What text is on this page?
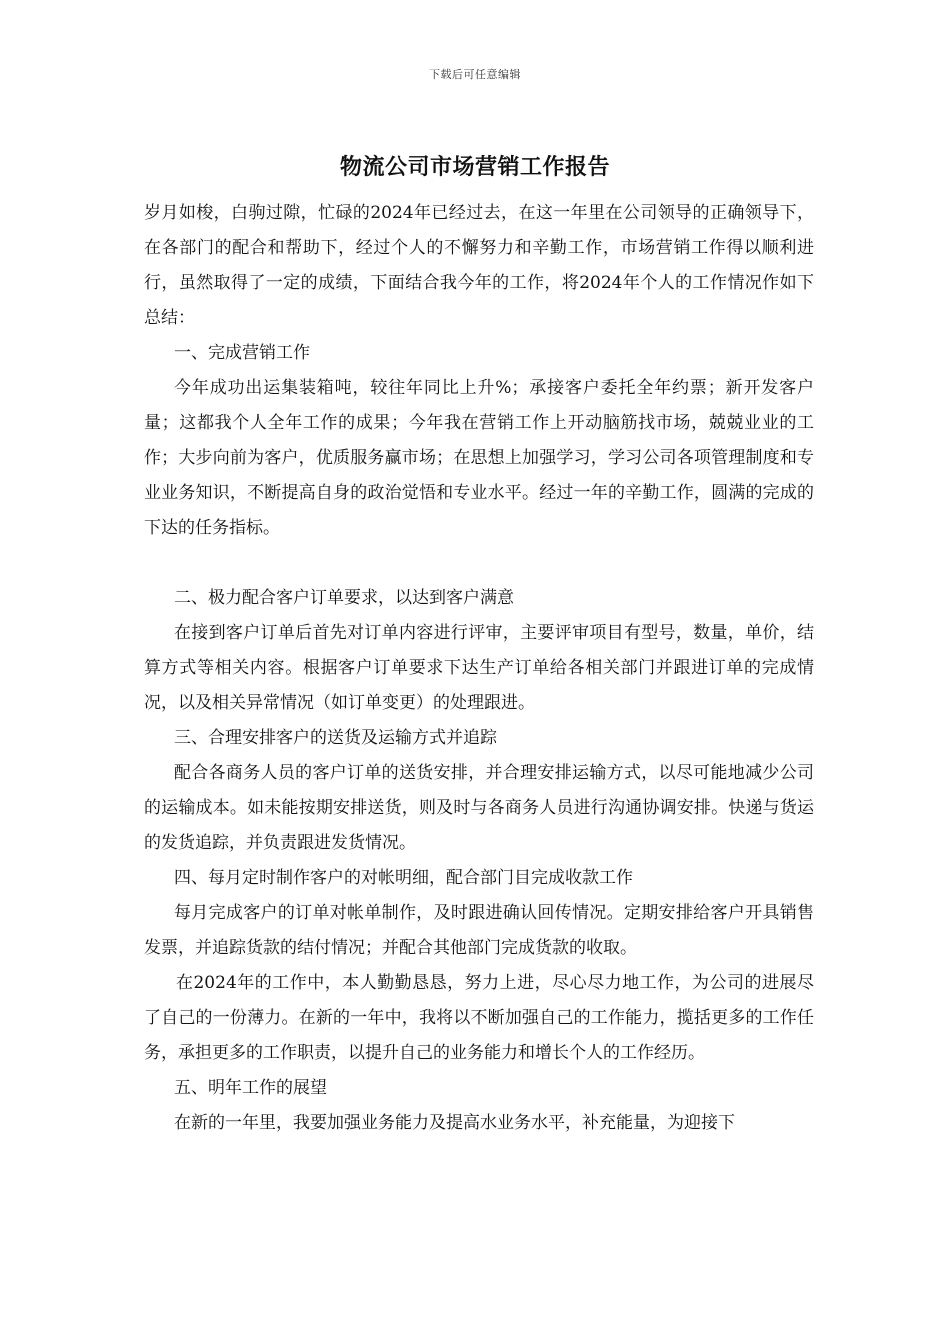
下载后可任意编辑
物流公司市场营销工作报告

岁月如梭，白驹过隙，忙碌的2024年已经过去，在这一年里在公司领导的正确领导下，在各部门的配合和帮助下，经过个人的不懈努力和辛勤工作，市场营销工作得以顺利进行，虽然取得了一定的成绩，下面结合我今年的工作，将2024年个人的工作情况作如下总结：

一、完成营销工作

今年成功出运集装箱吨，较往年同比上升%；承接客户委托全年约票；新开发客户量；这都我个人全年工作的成果；今年我在营销工作上开动脑筋找市场，兢兢业业的工作；大步向前为客户，优质服务赢市场；在思想上加强学习，学习公司各项管理制度和专业业务知识，不断提高自身的政治觉悟和专业水平。经过一年的辛勤工作，圆满的完成的下达的任务指标。

二、极力配合客户订单要求，以达到客户满意

在接到客户订单后首先对订单内容进行评审，主要评审项目有型号，数量，单价，结算方式等相关内容。根据客户订单要求下达生产订单给各相关部门并跟进订单的完成情况，以及相关异常情况（如订单变更）的处理跟进。

三、合理安排客户的送货及运输方式并追踪

配合各商务人员的客户订单的送货安排，并合理安排运输方式，以尽可能地减少公司的运输成本。如未能按期安排送货，则及时与各商务人员进行沟通协调安排。快递与货运的发货追踪，并负责跟进发货情况。

四、每月定时制作客户的对帐明细，配合部门目完成收款工作

每月完成客户的订单对帐单制作，及时跟进确认回传情况。定期安排给客户开具销售发票，并追踪货款的结付情况；并配合其他部门完成货款的收取。

在2024年的工作中，本人勤勤恳恳，努力上进，尽心尽力地工作，为公司的进展尽了自己的一份薄力。在新的一年中，我将以不断加强自己的工作能力，揽括更多的工作任务，承担更多的工作职责，以提升自己的业务能力和增长个人的工作经历。

五、明年工作的展望

在新的一年里，我要加强业务能力及提高水业务水平，补充能量，为迎接下
